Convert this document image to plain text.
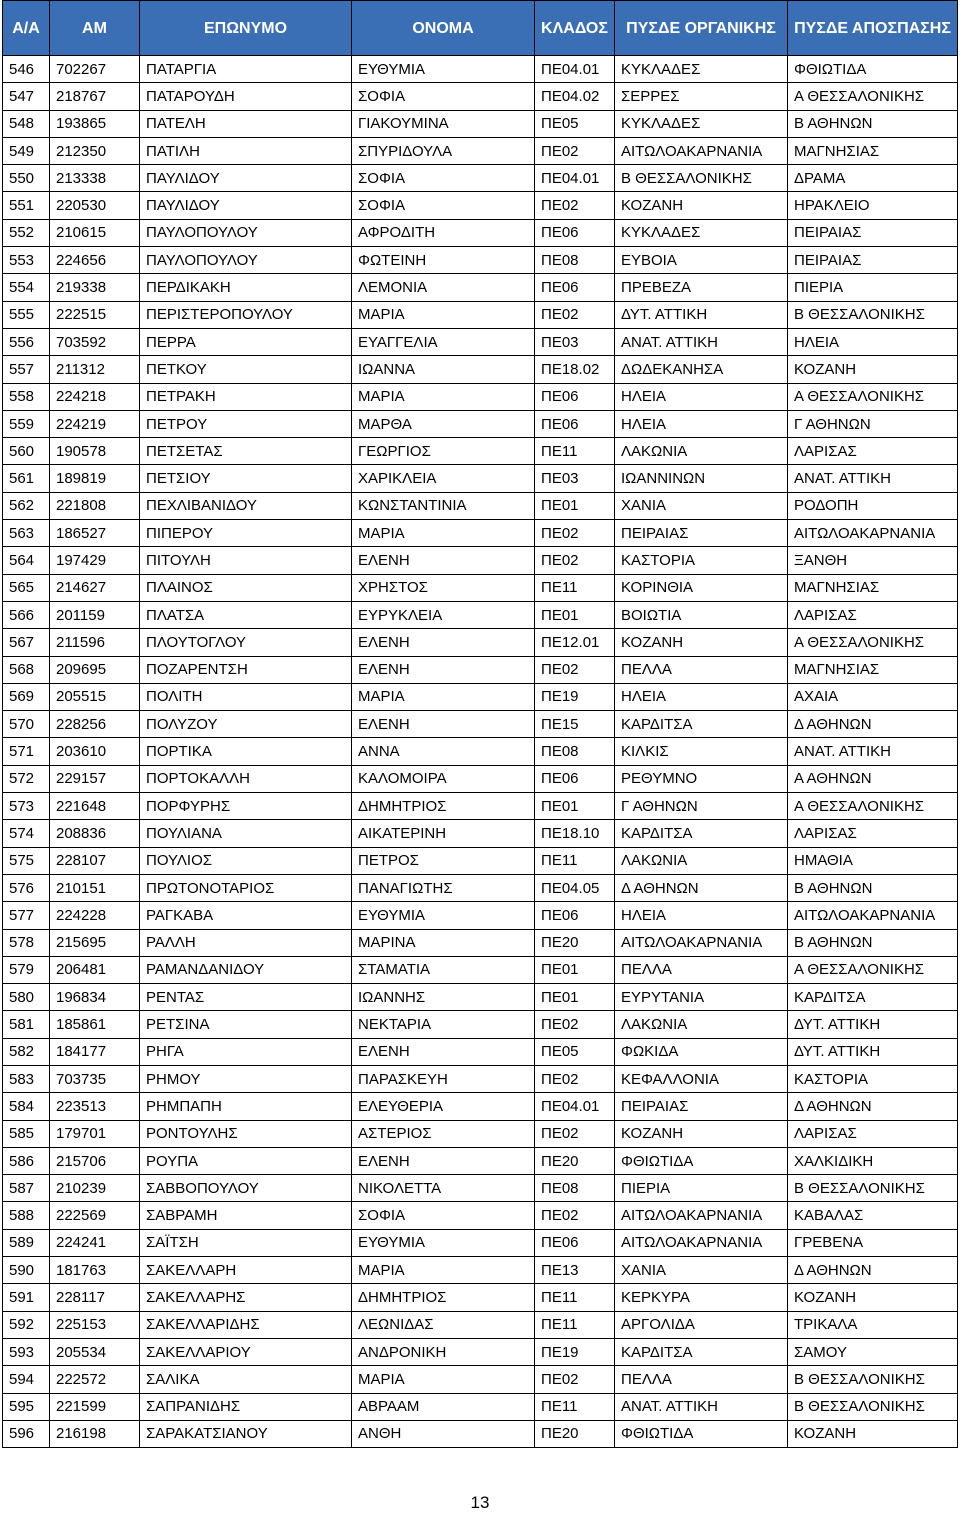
Α/Α	ΑΜ	ΕΠΩΝΥΜΟ	ΟΝΟΜΑ	ΚΛΑΔΟΣ	ΠΥΣΔΕ ΟΡΓΑΝΙΚΗΣ	ΠΥΣΔΕ ΑΠΟΣΠΑΣΗΣ
546	702267	ΠΑΤΑΡΓΙΑ	ΕΥΘΥΜΙΑ	ΠΕ04.01	ΚΥΚΛΑΔΕΣ	ΦΘΙΩΤΙΔΑ
547	218767	ΠΑΤΑΡΟΥΔΗ	ΣΟΦΙΑ	ΠΕ04.02	ΣΕΡΡΕΣ	Α ΘΕΣΣΑΛΟΝΙΚΗΣ
548	193865	ΠΑΤΕΛΗ	ΓΙΑΚΟΥΜΙΝΑ	ΠΕ05	ΚΥΚΛΑΔΕΣ	Β ΑΘΗΝΩΝ
549	212350	ΠΑΤΙΛΗ	ΣΠΥΡΙΔΟΥΛΑ	ΠΕ02	ΑΙΤΩΛΟΑΚΑΡΝΑΝΙΑ	ΜΑΓΝΗΣΙΑΣ
550	213338	ΠΑΥΛΙΔΟΥ	ΣΟΦΙΑ	ΠΕ04.01	Β ΘΕΣΣΑΛΟΝΙΚΗΣ	ΔΡΑΜΑ
551	220530	ΠΑΥΛΙΔΟΥ	ΣΟΦΙΑ	ΠΕ02	ΚΟΖΑΝΗ	ΗΡΑΚΛΕΙΟ
552	210615	ΠΑΥΛΟΠΟΥΛΟΥ	ΑΦΡΟΔΙΤΗ	ΠΕ06	ΚΥΚΛΑΔΕΣ	ΠΕΙΡΑΙΑΣ
553	224656	ΠΑΥΛΟΠΟΥΛΟΥ	ΦΩΤΕΙΝΗ	ΠΕ08	ΕΥΒΟΙΑ	ΠΕΙΡΑΙΑΣ
554	219338	ΠΕΡΔΙΚΑΚΗ	ΛΕΜΟΝΙΑ	ΠΕ06	ΠΡΕΒΕΖΑ	ΠΙΕΡΙΑ
555	222515	ΠΕΡΙΣΤΕΡΟΠΟΥΛΟΥ	ΜΑΡΙΑ	ΠΕ02	ΔΥΤ. ΑΤΤΙΚΗ	Β ΘΕΣΣΑΛΟΝΙΚΗΣ
556	703592	ΠΕΡΡΑ	ΕΥΑΓΓΕΛΙΑ	ΠΕ03	ΑΝΑΤ. ΑΤΤΙΚΗ	ΗΛΕΙΑ
557	211312	ΠΕΤΚΟΥ	ΙΩΑΝΝΑ	ΠΕ18.02	ΔΩΔΕΚΑΝΗΣΑ	ΚΟΖΑΝΗ
558	224218	ΠΕΤΡΑΚΗ	ΜΑΡΙΑ	ΠΕ06	ΗΛΕΙΑ	Α ΘΕΣΣΑΛΟΝΙΚΗΣ
559	224219	ΠΕΤΡΟΥ	ΜΑΡΘΑ	ΠΕ06	ΗΛΕΙΑ	Γ ΑΘΗΝΩΝ
560	190578	ΠΕΤΣΕΤΑΣ	ΓΕΩΡΓΙΟΣ	ΠΕ11	ΛΑΚΩΝΙΑ	ΛΑΡΙΣΑΣ
561	189819	ΠΕΤΣΙΟΥ	ΧΑΡΙΚΛΕΙΑ	ΠΕ03	ΙΩΑΝΝΙΝΩΝ	ΑΝΑΤ. ΑΤΤΙΚΗ
562	221808	ΠΕΧΛΙΒΑΝΙΔΟΥ	ΚΩΝΣΤΑΝΤΙΝΙΑ	ΠΕ01	ΧΑΝΙΑ	ΡΟΔΟΠΗ
563	186527	ΠΙΠΕΡΟΥ	ΜΑΡΙΑ	ΠΕ02	ΠΕΙΡΑΙΑΣ	ΑΙΤΩΛΟΑΚΑΡΝΑΝΙΑ
564	197429	ΠΙΤΟΥΛΗ	ΕΛΕΝΗ	ΠΕ02	ΚΑΣΤΟΡΙΑ	ΞΑΝΘΗ
565	214627	ΠΛΑΙΝΟΣ	ΧΡΗΣΤΟΣ	ΠΕ11	ΚΟΡΙΝΘΙΑ	ΜΑΓΝΗΣΙΑΣ
566	201159	ΠΛΑΤΣΑ	ΕΥΡΥΚΛΕΙΑ	ΠΕ01	ΒΟΙΩΤΙΑ	ΛΑΡΙΣΑΣ
567	211596	ΠΛΟΥΤΟΓΛΟΥ	ΕΛΕΝΗ	ΠΕ12.01	ΚΟΖΑΝΗ	Α ΘΕΣΣΑΛΟΝΙΚΗΣ
568	209695	ΠΟΖΑΡΕΝΤΣΗ	ΕΛΕΝΗ	ΠΕ02	ΠΕΛΛΑ	ΜΑΓΝΗΣΙΑΣ
569	205515	ΠΟΛΙΤΗ	ΜΑΡΙΑ	ΠΕ19	ΗΛΕΙΑ	ΑΧΑΙΑ
570	228256	ΠΟΛΥΖΟΥ	ΕΛΕΝΗ	ΠΕ15	ΚΑΡΔΙΤΣΑ	Δ ΑΘΗΝΩΝ
571	203610	ΠΟΡΤΙΚΑ	ΑΝΝΑ	ΠΕ08	ΚΙΛΚΙΣ	ΑΝΑΤ. ΑΤΤΙΚΗ
572	229157	ΠΟΡΤΟΚΑΛΛΗ	ΚΑΛΟΜΟΙΡΑ	ΠΕ06	ΡΕΘΥΜΝΟ	Α ΑΘΗΝΩΝ
573	221648	ΠΟΡΦΥΡΗΣ	ΔΗΜΗΤΡΙΟΣ	ΠΕ01	Γ ΑΘΗΝΩΝ	Α ΘΕΣΣΑΛΟΝΙΚΗΣ
574	208836	ΠΟΥΛΙΑΝΑ	ΑΙΚΑΤΕΡΙΝΗ	ΠΕ18.10	ΚΑΡΔΙΤΣΑ	ΛΑΡΙΣΑΣ
575	228107	ΠΟΥΛΙΟΣ	ΠΕΤΡΟΣ	ΠΕ11	ΛΑΚΩΝΙΑ	ΗΜΑΘΙΑ
576	210151	ΠΡΩΤΟΝΟΤΑΡΙΟΣ	ΠΑΝΑΓΙΩΤΗΣ	ΠΕ04.05	Δ ΑΘΗΝΩΝ	Β ΑΘΗΝΩΝ
577	224228	ΡΑΓΚΑΒΑ	ΕΥΘΥΜΙΑ	ΠΕ06	ΗΛΕΙΑ	ΑΙΤΩΛΟΑΚΑΡΝΑΝΙΑ
578	215695	ΡΑΛΛΗ	ΜΑΡΙΝΑ	ΠΕ20	ΑΙΤΩΛΟΑΚΑΡΝΑΝΙΑ	Β ΑΘΗΝΩΝ
579	206481	ΡΑΜΑΝΔΑΝΙΔΟΥ	ΣΤΑΜΑΤΙΑ	ΠΕ01	ΠΕΛΛΑ	Α ΘΕΣΣΑΛΟΝΙΚΗΣ
580	196834	ΡΕΝΤΑΣ	ΙΩΑΝΝΗΣ	ΠΕ01	ΕΥΡΥΤΑΝΙΑ	ΚΑΡΔΙΤΣΑ
581	185861	ΡΕΤΣΙΝΑ	ΝΕΚΤΑΡΙΑ	ΠΕ02	ΛΑΚΩΝΙΑ	ΔΥΤ. ΑΤΤΙΚΗ
582	184177	ΡΗΓΑ	ΕΛΕΝΗ	ΠΕ05	ΦΩΚΙΔΑ	ΔΥΤ. ΑΤΤΙΚΗ
583	703735	ΡΗΜΟΥ	ΠΑΡΑΣΚΕΥΗ	ΠΕ02	ΚΕΦΑΛΛΟΝΙΑ	ΚΑΣΤΟΡΙΑ
584	223513	ΡΗΜΠΑΠΗ	ΕΛΕΥΘΕΡΙΑ	ΠΕ04.01	ΠΕΙΡΑΙΑΣ	Δ ΑΘΗΝΩΝ
585	179701	ΡΟΝΤΟΥΛΗΣ	ΑΣΤΕΡΙΟΣ	ΠΕ02	ΚΟΖΑΝΗ	ΛΑΡΙΣΑΣ
586	215706	ΡΟΥΠΑ	ΕΛΕΝΗ	ΠΕ20	ΦΘΙΩΤΙΔΑ	ΧΑΛΚΙΔΙΚΗ
587	210239	ΣΑΒΒΟΠΟΥΛΟΥ	ΝΙΚΟΛΕΤΤΑ	ΠΕ08	ΠΙΕΡΙΑ	Β ΘΕΣΣΑΛΟΝΙΚΗΣ
588	222569	ΣΑΒΡΑΜΗ	ΣΟΦΙΑ	ΠΕ02	ΑΙΤΩΛΟΑΚΑΡΝΑΝΙΑ	ΚΑΒΑΛΑΣ
589	224241	ΣΑΪΤΣΗ	ΕΥΘΥΜΙΑ	ΠΕ06	ΑΙΤΩΛΟΑΚΑΡΝΑΝΙΑ	ΓΡΕΒΕΝΑ
590	181763	ΣΑΚΕΛΛΑΡΗ	ΜΑΡΙΑ	ΠΕ13	ΧΑΝΙΑ	Δ ΑΘΗΝΩΝ
591	228117	ΣΑΚΕΛΛΑΡΗΣ	ΔΗΜΗΤΡΙΟΣ	ΠΕ11	ΚΕΡΚΥΡΑ	ΚΟΖΑΝΗ
592	225153	ΣΑΚΕΛΛΑΡΙΔΗΣ	ΛΕΩΝΙΔΑΣ	ΠΕ11	ΑΡΓΟΛΙΔΑ	ΤΡΙΚΑΛΑ
593	205534	ΣΑΚΕΛΛΑΡΙΟΥ	ΑΝΔΡΟΝΙΚΗ	ΠΕ19	ΚΑΡΔΙΤΣΑ	ΣΑΜΟΥ
594	222572	ΣΑΛΙΚΑ	ΜΑΡΙΑ	ΠΕ02	ΠΕΛΛΑ	Β ΘΕΣΣΑΛΟΝΙΚΗΣ
595	221599	ΣΑΠΡΑΝΙΔΗΣ	ΑΒΡΑΑΜ	ΠΕ11	ΑΝΑΤ. ΑΤΤΙΚΗ	Β ΘΕΣΣΑΛΟΝΙΚΗΣ
596	216198	ΣΑΡΑΚΑΤΣΙΑΝΟΥ	ΑΝΘΗ	ΠΕ20	ΦΘΙΩΤΙΔΑ	ΚΟΖΑΝΗ
13
